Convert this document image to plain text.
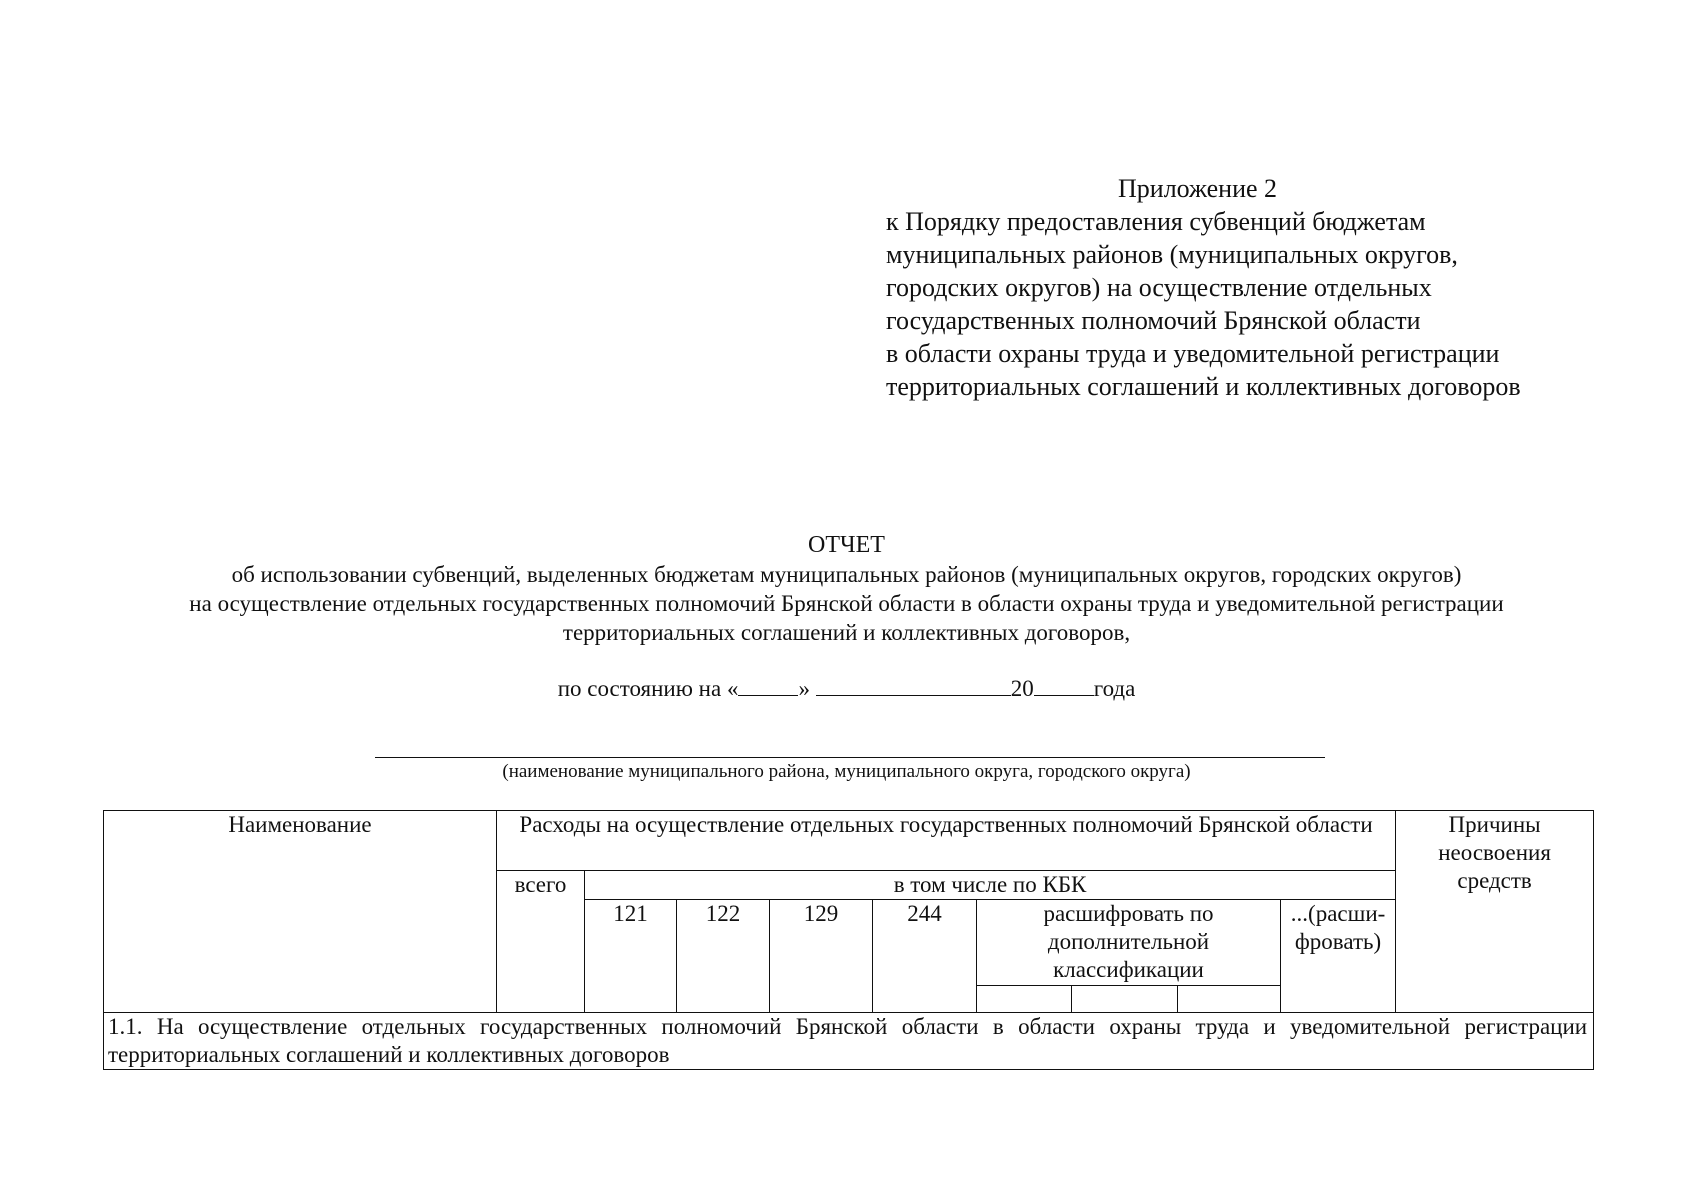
Приложение 2
к Порядку предоставления субвенций бюджетам
муниципальных районов (муниципальных округов,
городских округов) на осуществление отдельных
государственных полномочий Брянской области
в области охраны труда и уведомительной регистрации
территориальных соглашений и коллективных договоров
ОТЧЕТ
об использовании субвенций, выделенных бюджетам муниципальных районов (муниципальных округов, городских округов)
на осуществление отдельных государственных полномочий Брянской области в области охраны труда и уведомительной регистрации
территориальных соглашений и коллективных договоров,
по состоянию на «	»	20	года
(наименование муниципального района, муниципального округа, городского округа)
Наименование	Расходы на осуществление отдельных государственных полномочий Брянской области									Причины неосвоения средств
	всего	в том числе по КБК								
		121	122	129	244	расшифровать по дополнительной классификации			...(расши-фровать)	

1.1. На осуществление отдельных государственных полномочий Брянской области в области охраны труда и уведомительной регистрации территориальных соглашений и коллективных договоров										
